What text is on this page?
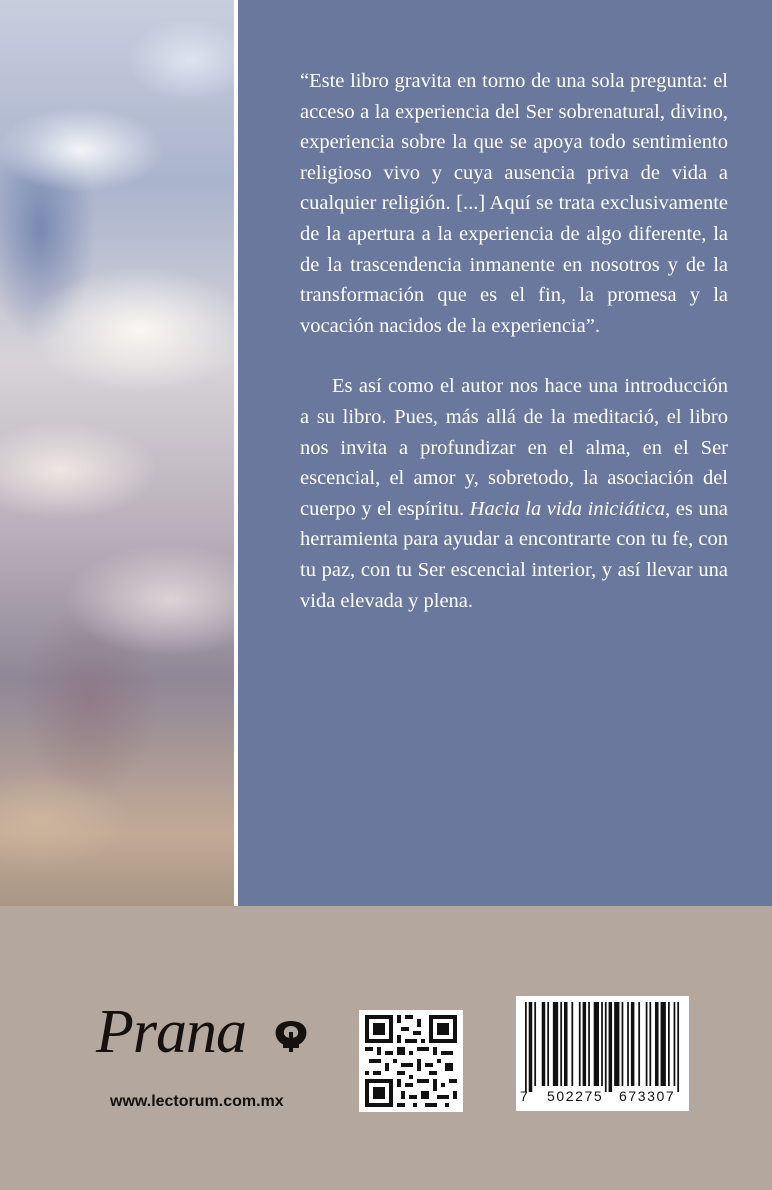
“Este libro gravita en torno de una sola pregunta: el acceso a la experiencia del Ser sobrenatural, divino, experiencia sobre la que se apoya todo sentimiento religioso vivo y cuya ausencia priva de vida a cualquier religión. [...] Aquí se trata exclusivamente de la apertura a la experiencia de algo diferente, la de la trascendencia inmanente en nosotros y de la transformación que es el fin, la promesa y la vocación nacidos de la experiencia”.

Es así como el autor nos hace una introducción a su libro. Pues, más allá de la meditació, el libro nos invita a profundizar en el alma, en el Ser escencial, el amor y, sobretodo, la asociación del cuerpo y el espíritu. Hacia la vida iniciática, es una herramienta para ayudar a encontrarte con tu fe, con tu paz, con tu Ser escencial interior, y así llevar una vida elevada y plena.

Prana
www.lectorum.com.mx	7 502275 673307
